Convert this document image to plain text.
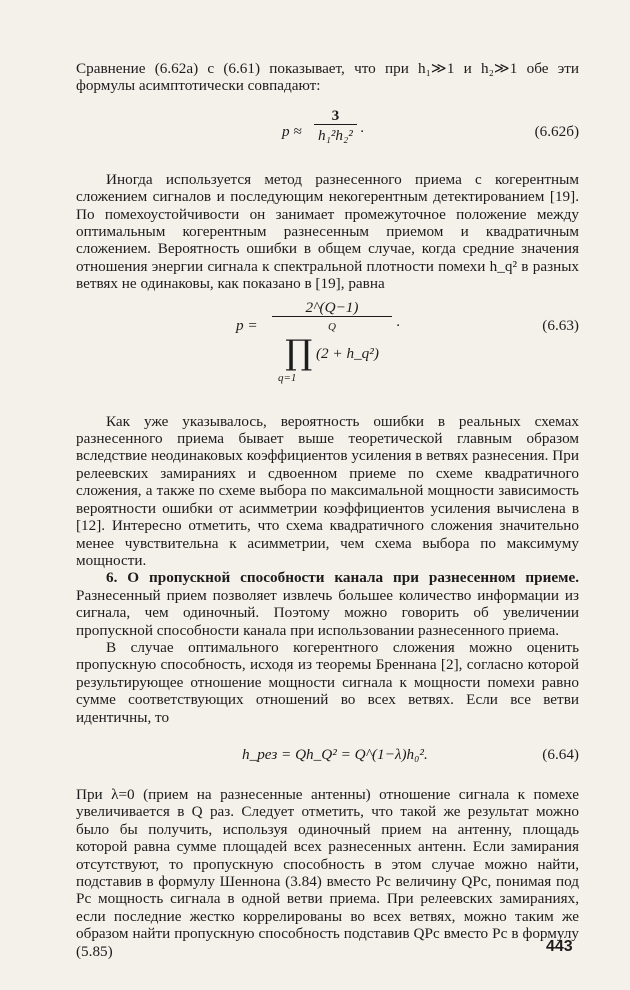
Сравнение (6.62а) с (6.61) показывает, что при h₁≫1 и h₂≫1 обе эти формулы асимптотически совпадают:

$p \approx \frac{3}{\text{h₁²h₂²}}$ ·	(6.62б)

Иногда используется метод разнесенного приема с когерентным сложением сигналов и последующим некогерентным детектированием [19]. По помехоустойчивости он занимает промежуточное положение между оптимальным когерентным разнесенным приемом и квадратичным сложением. Вероятность ошибки в общем случае, когда средние значения отношения энергии сигнала к спектральной плотности помехи h_q² в разных ветвях не одинаковы, как показано в [19], равна

p = 2^(Q−1)
Q
∏ (2 + h_q²)
q=1 ·	(6.63)

Как уже указывалось, вероятность ошибки в реальных схемах разнесенного приема бывает выше теоретической главным образом вследствие неодинаковых коэффициентов усиления в ветвях разнесения. При релеевских замираниях и сдвоенном приеме по схеме квадратичного сложения, а также по схеме выбора по максимальной мощности зависимость вероятности ошибки от асимметрии коэффициентов усиления вычислена в [12]. Интересно отметить, что схема квадратичного сложения значительно менее чувствительна к асимметрии, чем схема выбора по максимуму мощности.

6. О пропускной способности канала при разнесенном приеме. Разнесенный прием позволяет извлечь большее количество информации из сигнала, чем одиночный. Поэтому можно говорить об увеличении пропускной способности канала при использовании разнесенного приема.

В случае оптимального когерентного сложения можно оценить пропускную способность, исходя из теоремы Бреннана [2], согласно которой результирующее отношение мощности сигнала к мощности помехи равно сумме соответствующих отношений во всех ветвях. Если все ветви идентичны, то

h_рез = Qh_Q² = Q^(1−λ)h₀².	(6.64)

При λ=0 (прием на разнесенные антенны) отношение сигнала к помехе увеличивается в Q раз. Следует отметить, что такой же результат можно было бы получить, используя одиночный прием на антенну, площадь которой равна сумме площадей всех разнесенных антенн. Если замирания отсутствуют, то пропускную способность в этом случае можно найти, подставив в формулу Шеннона (3.84) вместо Pс величину QPс, понимая под Pс мощность сигнала в одной ветви приема. При релеевских замираниях, если последние жестко коррелированы во всех ветвях, можно таким же образом найти пропускную способность подставив QPс вместо Pс в формулу (5.85)	443
